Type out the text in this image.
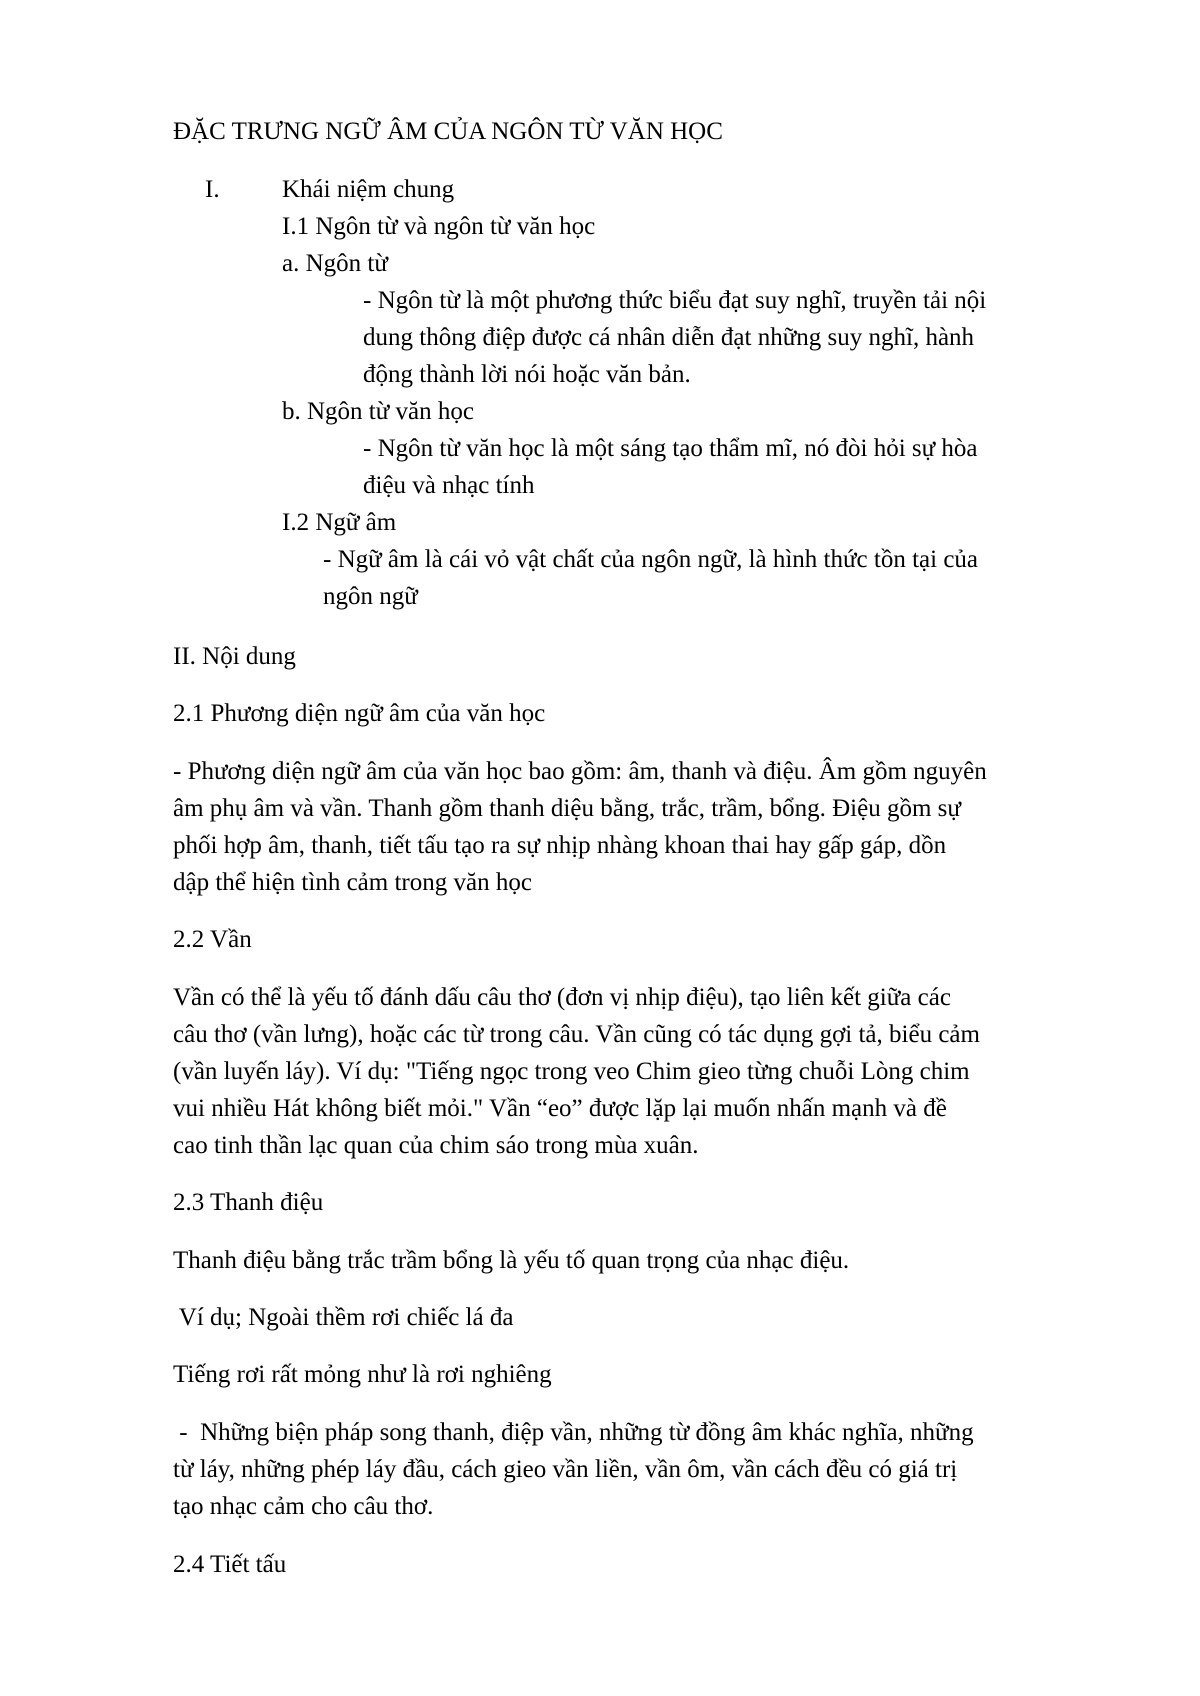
ĐẶC TRƯNG NGỮ ÂM CỦA NGÔN TỪ VĂN HỌC

I. Khái niệm chung

I.1 Ngôn từ và ngôn từ văn học

a. Ngôn từ

- Ngôn từ là một phương thức biểu đạt suy nghĩ, truyền tải nội

dung thông điệp được cá nhân diễn đạt những suy nghĩ, hành

động thành lời nói hoặc văn bản.

b. Ngôn từ văn học

- Ngôn từ văn học là một sáng tạo thẩm mĩ, nó đòi hỏi sự hòa

điệu và nhạc tính

I.2 Ngữ âm

- Ngữ âm là cái vỏ vật chất của ngôn ngữ, là hình thức tồn tại của

ngôn ngữ

II. Nội dung

2.1 Phương diện ngữ âm của văn học

- Phương diện ngữ âm của văn học bao gồm: âm, thanh và điệu. Âm gồm nguyên

âm phụ âm và vần. Thanh gồm thanh diệu bằng, trắc, trầm, bổng. Điệu gồm sự

phối hợp âm, thanh, tiết tấu tạo ra sự nhịp nhàng khoan thai hay gấp gáp, dồn

dập thể hiện tình cảm trong văn học

2.2 Vần

Vần có thể là yếu tố đánh dấu câu thơ (đơn vị nhịp điệu), tạo liên kết giữa các

câu thơ (vần lưng), hoặc các từ trong câu. Vần cũng có tác dụng gợi tả, biểu cảm

(vần luyến láy). Ví dụ: "Tiếng ngọc trong veo Chim gieo từng chuỗi Lòng chim

vui nhiều Hát không biết mỏi." Vần “eo” được lặp lại muốn nhấn mạnh và đề

cao tinh thần lạc quan của chim sáo trong mùa xuân.

2.3 Thanh điệu

Thanh điệu bằng trắc trầm bổng là yếu tố quan trọng của nhạc điệu.

Ví dụ; Ngoài thềm rơi chiếc lá đa

Tiếng rơi rất mỏng như là rơi nghiêng

-  Những biện pháp song thanh, điệp vần, những từ đồng âm khác nghĩa, những

từ láy, những phép láy đầu, cách gieo vần liền, vần ôm, vần cách đều có giá trị

tạo nhạc cảm cho câu thơ.

2.4 Tiết tấu
